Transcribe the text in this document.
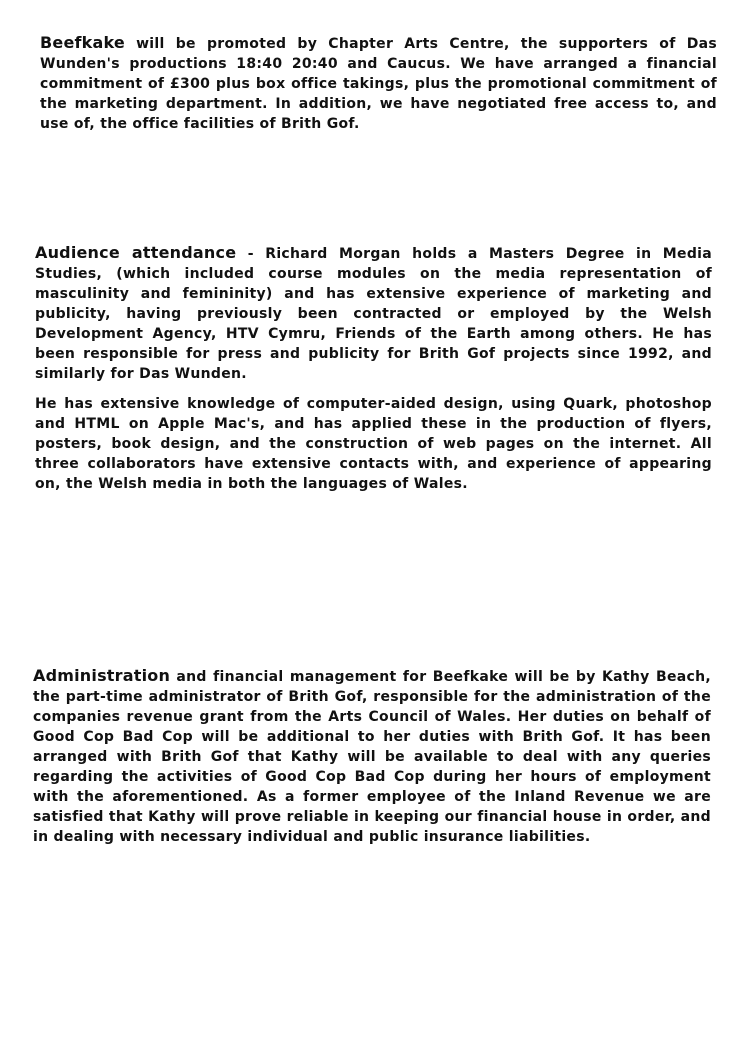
Beefkake will be promoted by Chapter Arts Centre, the supporters of Das Wunden's productions 18:40 20:40 and Caucus. We have arranged a financial commitment of £300 plus box office takings, plus the promotional commitment of the marketing department. In addition, we have negotiated free access to, and use of, the office facilities of Brith Gof.

Audience attendance - Richard Morgan holds a Masters Degree in Media Studies, (which included course modules on the media representation of masculinity and femininity) and has extensive experience of marketing and publicity, having previously been contracted or employed by the Welsh Development Agency, HTV Cymru, Friends of the Earth among others. He has been responsible for press and publicity for Brith Gof projects since 1992, and similarly for Das Wunden.

He has extensive knowledge of computer-aided design, using Quark, photoshop and HTML on Apple Mac's, and has applied these in the production of flyers, posters, book design, and the construction of web pages on the internet. All three collaborators have extensive contacts with, and experience of appearing on, the Welsh media in both the languages of Wales.

Administration and financial management for Beefkake will be by Kathy Beach, the part-time administrator of Brith Gof, responsible for the administration of the companies revenue grant from the Arts Council of Wales. Her duties on behalf of Good Cop Bad Cop will be additional to her duties with Brith Gof. It has been arranged with Brith Gof that Kathy will be available to deal with any queries regarding the activities of Good Cop Bad Cop during her hours of employment with the aforementioned. As a former employee of the Inland Revenue we are satisfied that Kathy will prove reliable in keeping our financial house in order, and in dealing with necessary individual and public insurance liabilities.
